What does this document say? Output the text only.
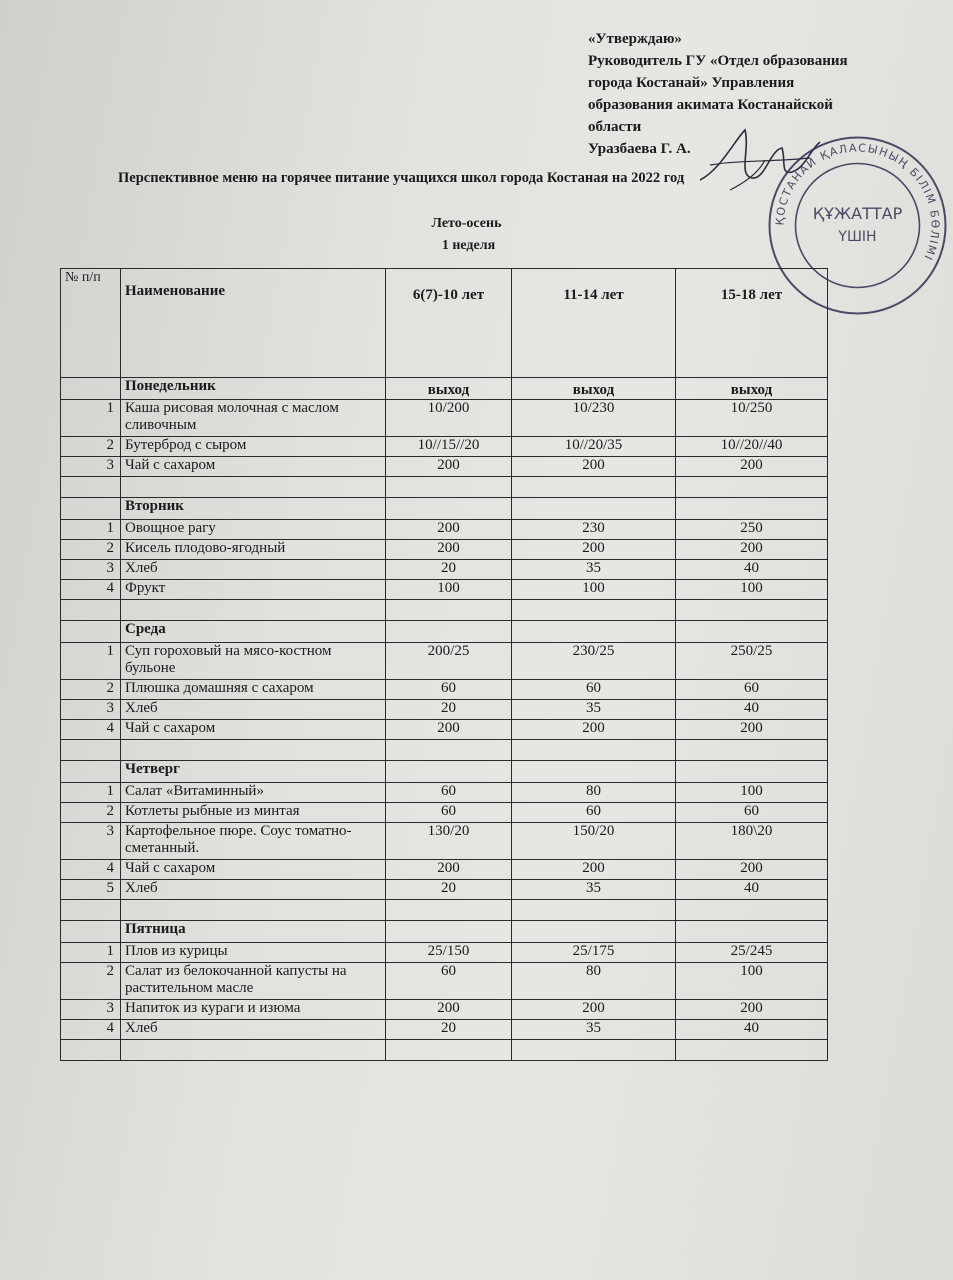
«Утверждаю»
Руководитель ГУ «Отдел образования
города Костанай» Управления
образования акимата Костанайской
области
Уразбаева Г. А.
ҚОСТАНАЙ ҚАЛАСЫНЫҢ БІЛІМ БӨЛІМІ
ҚҰЖАТТАР
ҮШІН
Перспективное меню на горячее питание учащихся школ города Костаная на 2022 год
Лето-осень
1 неделя
№ п/п	Наименование	6(7)-10 лет	11-14 лет	15-18 лет
	Понедельник	выход	выход	выход
1	Каша рисовая молочная с маслом сливочным	10/200	10/230	10/250
2	Бутерброд с сыром	10//15//20	10//20/35	10//20//40
3	Чай с сахаром	200	200	200

	Вторник			
1	Овощное рагу	200	230	250
2	Кисель плодово-ягодный	200	200	200
3	Хлеб	20	35	40
4	Фрукт	100	100	100

	Среда			
1	Суп гороховый на мясо-костном бульоне	200/25	230/25	250/25
2	Плюшка домашняя с сахаром	60	60	60
3	Хлеб	20	35	40
4	Чай с сахаром	200	200	200

	Четверг			
1	Салат «Витаминный»	60	80	100
2	Котлеты рыбные из минтая	60	60	60
3	Картофельное пюре. Соус томатно-сметанный.	130/20	150/20	180\20
4	Чай с сахаром	200	200	200
5	Хлеб	20	35	40

	Пятница			
1	Плов из курицы	25/150	25/175	25/245
2	Салат из белокочанной капусты на растительном масле	60	80	100
3	Напиток из кураги и изюма	200	200	200
4	Хлеб	20	35	40
